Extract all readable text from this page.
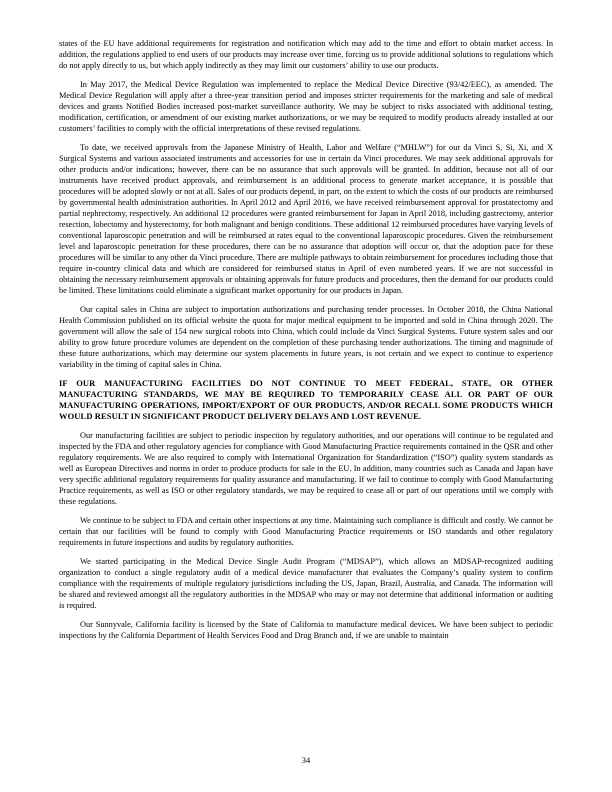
states of the EU have additional requirements for registration and notification which may add to the time and effort to obtain market access. In addition, the regulations applied to end users of our products may increase over time, forcing us to provide additional solutions to regulations which do not apply directly to us, but which apply indirectly as they may limit our customers’ ability to use our products.

In May 2017, the Medical Device Regulation was implemented to replace the Medical Device Directive (93/42/EEC), as amended. The Medical Device Regulation will apply after a three-year transition period and imposes stricter requirements for the marketing and sale of medical devices and grants Notified Bodies increased post-market surveillance authority. We may be subject to risks associated with additional testing, modification, certification, or amendment of our existing market authorizations, or we may be required to modify products already installed at our customers’ facilities to comply with the official interpretations of these revised regulations.

To date, we received approvals from the Japanese Ministry of Health, Labor and Welfare (“MHLW”) for our da Vinci S, Si, Xi, and X Surgical Systems and various associated instruments and accessories for use in certain da Vinci procedures. We may seek additional approvals for other products and/or indications; however, there can be no assurance that such approvals will be granted. In addition, because not all of our instruments have received product approvals, and reimbursement is an additional process to generate market acceptance, it is possible that procedures will be adopted slowly or not at all. Sales of our products depend, in part, on the extent to which the costs of our products are reimbursed by governmental health administration authorities. In April 2012 and April 2016, we have received reimbursement approval for prostatectomy and partial nephrectomy, respectively. An additional 12 procedures were granted reimbursement for Japan in April 2018, including gastrectomy, anterior resection, lobectomy and hysterectomy, for both malignant and benign conditions. These additional 12 reimbursed procedures have varying levels of conventional laparoscopic penetration and will be reimbursed at rates equal to the conventional laparoscopic procedures. Given the reimbursement level and laparoscopic penetration for these procedures, there can be no assurance that adoption will occur or, that the adoption pace for these procedures will be similar to any other da Vinci procedure. There are multiple pathways to obtain reimbursement for procedures including those that require in-country clinical data and which are considered for reimbursed status in April of even numbered years. If we are not successful in obtaining the necessary reimbursement approvals or obtaining approvals for future products and procedures, then the demand for our products could be limited. These limitations could eliminate a significant market opportunity for our products in Japan.

Our capital sales in China are subject to importation authorizations and purchasing tender processes. In October 2018, the China National Health Commission published on its official website the quota for major medical equipment to be imported and sold in China through 2020. The government will allow the sale of 154 new surgical robots into China, which could include da Vinci Surgical Systems. Future system sales and our ability to grow future procedure volumes are dependent on the completion of these purchasing tender authorizations. The timing and magnitude of these future authorizations, which may determine our system placements in future years, is not certain and we expect to continue to experience variability in the timing of capital sales in China.

IF OUR MANUFACTURING FACILITIES DO NOT CONTINUE TO MEET FEDERAL, STATE, OR OTHER MANUFACTURING STANDARDS, WE MAY BE REQUIRED TO TEMPORARILY CEASE ALL OR PART OF OUR MANUFACTURING OPERATIONS, IMPORT/EXPORT OF OUR PRODUCTS, AND/OR RECALL SOME PRODUCTS WHICH WOULD RESULT IN SIGNIFICANT PRODUCT DELIVERY DELAYS AND LOST REVENUE.

Our manufacturing facilities are subject to periodic inspection by regulatory authorities, and our operations will continue to be regulated and inspected by the FDA and other regulatory agencies for compliance with Good Manufacturing Practice requirements contained in the QSR and other regulatory requirements. We are also required to comply with International Organization for Standardization (“ISO”) quality system standards as well as European Directives and norms in order to produce products for sale in the EU. In addition, many countries such as Canada and Japan have very specific additional regulatory requirements for quality assurance and manufacturing. If we fail to continue to comply with Good Manufacturing Practice requirements, as well as ISO or other regulatory standards, we may be required to cease all or part of our operations until we comply with these regulations.

We continue to be subject to FDA and certain other inspections at any time. Maintaining such compliance is difficult and costly. We cannot be certain that our facilities will be found to comply with Good Manufacturing Practice requirements or ISO standards and other regulatory requirements in future inspections and audits by regulatory authorities.

We started participating in the Medical Device Single Audit Program (“MDSAP”), which allows an MDSAP-recognized auditing organization to conduct a single regulatory audit of a medical device manufacturer that evaluates the Company’s quality system to confirm compliance with the requirements of multiple regulatory jurisdictions including the US, Japan, Brazil, Australia, and Canada. The information will be shared and reviewed amongst all the regulatory authorities in the MDSAP who may or may not determine that additional information or auditing is required.

Our Sunnyvale, California facility is licensed by the State of California to manufacture medical devices. We have been subject to periodic inspections by the California Department of Health Services Food and Drug Branch and, if we are unable to maintain

34
